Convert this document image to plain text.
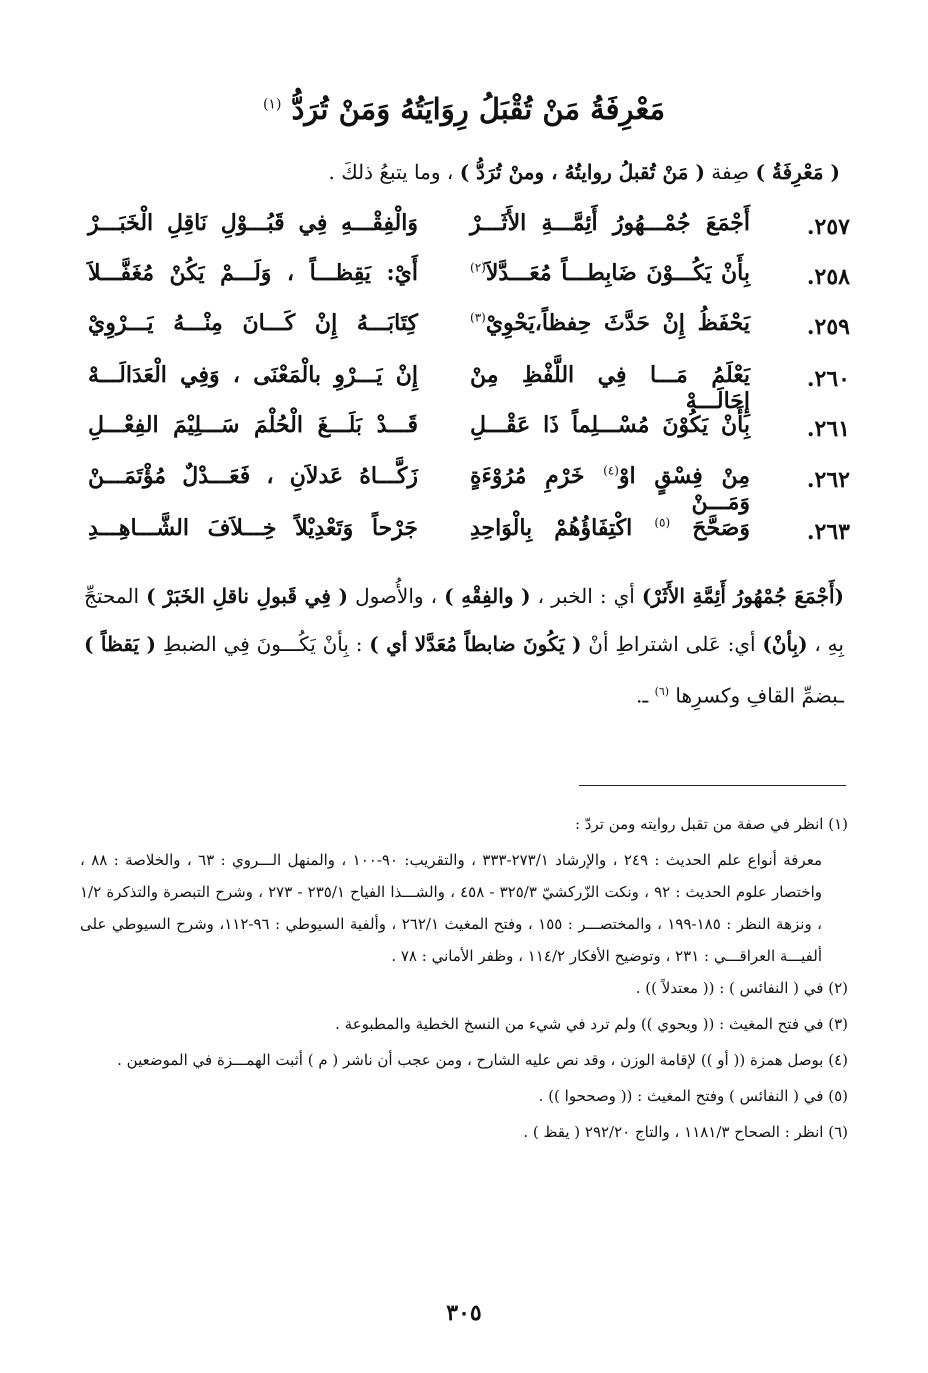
مَعْرِفَةُ مَنْ تُقْبَلُ رِوَايَتُهُ وَمَنْ تُرَدُّ $^{(١)}$
( مَعْرِفَةُ ) صِفة ( مَنْ تُقبلُ روايتُهُ ، ومنْ تُرَدُّ ) ، وما يتبعُ ذلكَ .
٢٥٧.
أَجْمَعَ جُمْـــهُورُ أَئِمَّـــةِ الأَثَـــرْ
وَالْفِقْـــهِ فِي قَبُـــوْلِ نَاقِلِ الْخَبَـــرْ
٢٥٨.
بِأَنْ يَكُـــوْنَ ضَابِطـــاً مُعَـــدَّلاَ$^{(٢)}$
أَيْ: يَقِظـــاً ، وَلَـــمْ يَكُنْ مُغَفَّـــلاَ
٢٥٩.
يَحْفَظُ إِنْ حَدَّثَ حِفظاً،يَحْوِيْ$^{(٣)}$
كِتَابَـــهُ إِنْ كَـــانَ مِنْـــهُ يَـــرْوِيْ
٢٦٠.
يَعْلَمُ مَـــا فِي اللَّفْظِ مِنْ إِحَالَـــهْ
إِنْ يَـــرْوِ بالْمَعْنَى ، وَفِي الْعَدَالَـــهْ
٢٦١.
بِأَنْ يَكُوْنَ مُسْـــلِماً ذَا عَقْـــلِ
قَـــدْ بَلَـــغَ الْحُلْمَ سَـــلِيْمَ الفِعْـــلِ
٢٦٢.
مِنْ فِسْقٍ اوْ$^{(٤)}$ خَرْمِ مُرُوْءَةٍ وَمَـــنْ
زَكَّـــاهُ عَدلاَنِ ، فَعَـــدْلٌ مُؤْتَمَـــنْ
٢٦٣.
وَصَحَّحَ $^{(٥)}$ اكْتِفَاؤُهُمْ بِالْوَاحِدِ
جَرْحاً وَتَعْدِيْلاً خِـــلاَفَ الشَّـــاهِـــدِ
(أَجْمَعَ جُمْهُورُ أَئِمَّةِ الأَثَرْ) أي : الخبر ، ( والفِقْهِ ) ، والأُصول ( فِي قَبولِ ناقلِ الخَبَرْ ) المحتجِّ بِهِ ، (بِأنْ) أي: عَلى اشتراطِ أنْ ( يَكُونَ ضابطاً مُعَدَّلا أي ) : بِأنْ يَكُـــونَ فِي الضبطِ ( يَقظاً ) ـبضمِّ القافِ وكسرِها $^{(٦)}$ ـ.
(١) انظر في صفة من تقبل روايته ومن تردّ :
معرفة أنواع علم الحديث : ٢٤٩ ، والإرشاد ٢٧٣/١-٣٣٣ ، والتقريب: ٩٠-١٠٠ ، والمنهل الـــروي : ٦٣ ، والخلاصة : ٨٨ ، واختصار علوم الحديث : ٩٢ ، ونكت الزّركشيّ ٣٢٥/٣ - ٤٥٨ ، والشـــذا الفياح ٢٣٥/١ - ٢٧٣ ، وشرح التبصرة والتذكرة ١/٢ ، ونزهة النظر : ١٨٥-١٩٩ ، والمختصـــر : ١٥٥ ، وفتح المغيث ٢٦٢/١ ، وألفية السيوطي : ٩٦-١١٢، وشرح السيوطي على ألفيـــة العراقـــي : ٢٣١ ، وتوضيح الأفكار ١١٤/٢ ، وظفر الأماني : ٧٨ .
(٢) في ( النفائس ) : (( معتدلاً )) .
(٣) في فتح المغيث : (( ويحوي )) ولم ترد في شيء من النسخ الخطية والمطبوعة .
(٤) بوصل همزة (( أو )) لإقامة الوزن ، وقد نص عليه الشارح ، ومن عجب أن ناشر ( م ) أثبت الهمـــزة في الموضعين .
(٥) في ( النفائس ) وفتح المغيث : (( وصححوا )) .
(٦) انظر : الصحاح ١١٨١/٣ ، والتاج ٢٩٢/٢٠ ( يقظ ) .
٣٠٥
